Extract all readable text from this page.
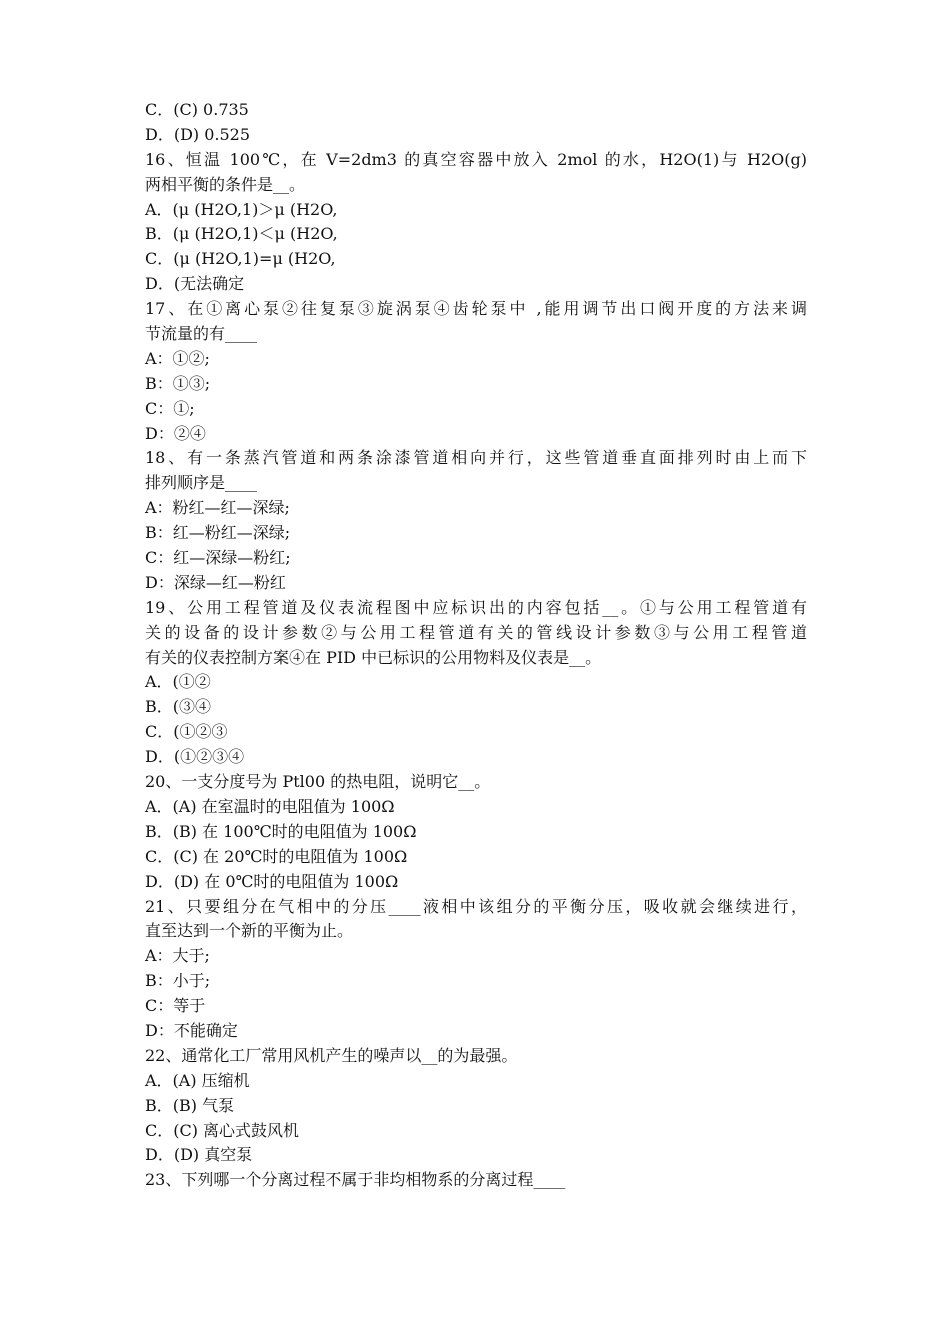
C．(C) 0.735
D．(D) 0.525
16、恒温 100℃，在 V=2dm3 的真空容器中放入 2mol 的水，H2O(1)与 H2O(g)
两相平衡的条件是__。
A．(μ (H2O,1)＞μ (H2O,
B．(μ (H2O,1)＜μ (H2O,
C．(μ (H2O,1)=μ (H2O,
D．(无法确定
17、在①离心泵②往复泵③旋涡泵④齿轮泵中 ,能用调节出口阀开度的方法来调
节流量的有____
A：①②;
B：①③;
C：①;
D：②④
18、有一条蒸汽管道和两条涂漆管道相向并行，这些管道垂直面排列时由上而下
排列顺序是____
A：粉红—红—深绿;
B：红—粉红—深绿;
C：红—深绿—粉红;
D：深绿—红—粉红
19、公用工程管道及仪表流程图中应标识出的内容包括__。①与公用工程管道有
关的设备的设计参数②与公用工程管道有关的管线设计参数③与公用工程管道
有关的仪表控制方案④在 PID 中已标识的公用物料及仪表是__。
A．(①②
B．(③④
C．(①②③
D．(①②③④
20、一支分度号为 Ptl00 的热电阻，说明它__。
A．(A) 在室温时的电阻值为 100Ω
B．(B) 在 100℃时的电阻值为 100Ω
C．(C) 在 20℃时的电阻值为 100Ω
D．(D) 在 0℃时的电阻值为 100Ω
21、只要组分在气相中的分压____液相中该组分的平衡分压，吸收就会继续进行，
直至达到一个新的平衡为止。
A：大于;
B：小于;
C：等于
D：不能确定
22、通常化工厂常用风机产生的噪声以__的为最强。
A．(A) 压缩机
B．(B) 气泵
C．(C) 离心式鼓风机
D．(D) 真空泵
23、下列哪一个分离过程不属于非均相物系的分离过程____
